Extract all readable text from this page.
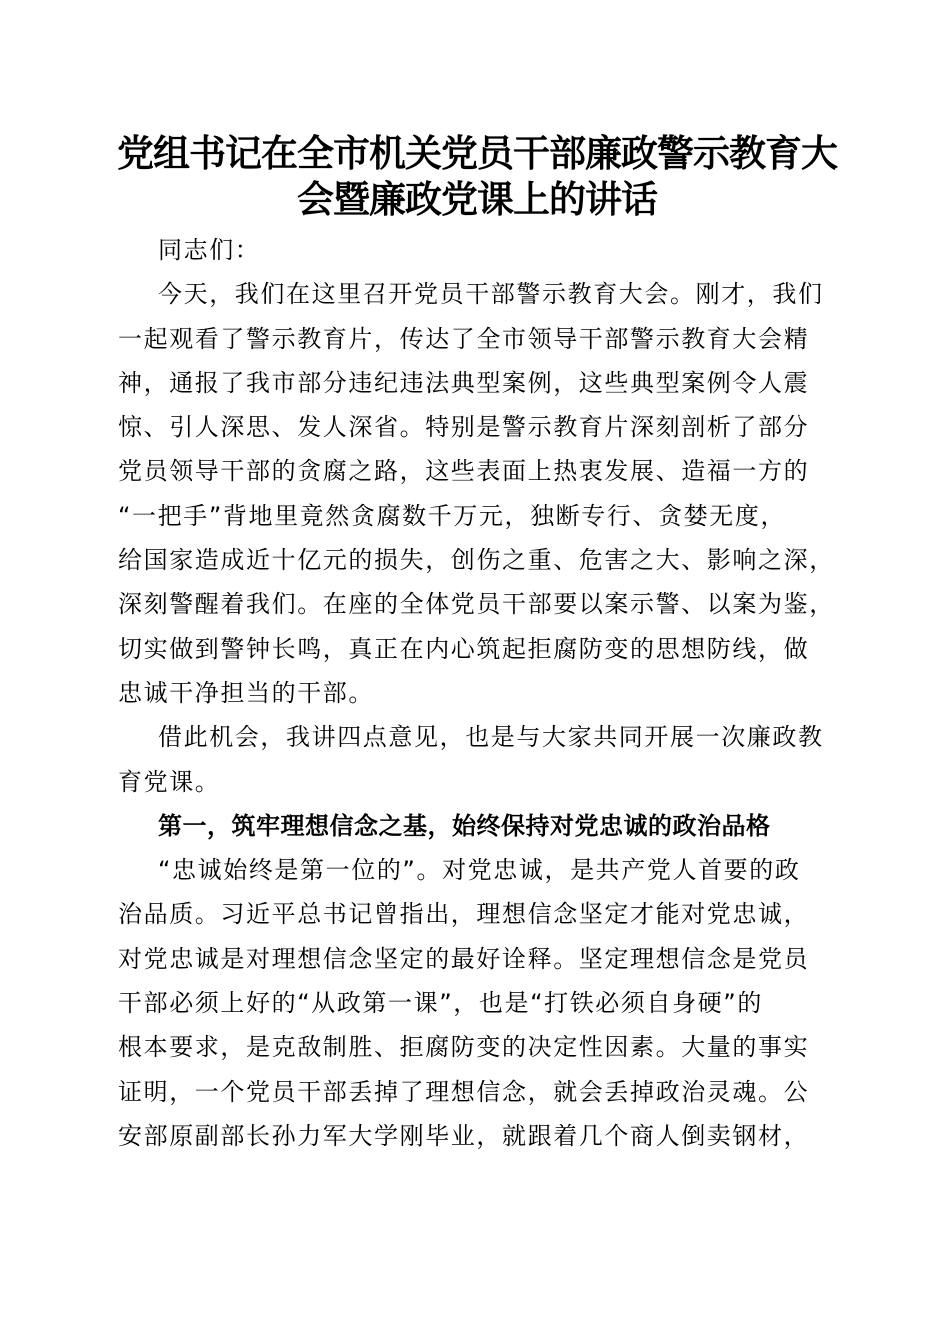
党组书记在全市机关党员干部廉政警示教育大
会暨廉政党课上的讲话
同志们：
今天，我们在这里召开党员干部警示教育大会。刚才，我们
一起观看了警示教育片，传达了全市领导干部警示教育大会精
神，通报了我市部分违纪违法典型案例，这些典型案例令人震
惊、引人深思、发人深省。特别是警示教育片深刻剖析了部分
党员领导干部的贪腐之路，这些表面上热衷发展、造福一方的
“一把手”背地里竟然贪腐数千万元，独断专行、贪婪无度，
给国家造成近十亿元的损失，创伤之重、危害之大、影响之深，
深刻警醒着我们。在座的全体党员干部要以案示警、以案为鉴，
切实做到警钟长鸣，真正在内心筑起拒腐防变的思想防线，做
忠诚干净担当的干部。
借此机会，我讲四点意见，也是与大家共同开展一次廉政教
育党课。
第一，筑牢理想信念之基，始终保持对党忠诚的政治品格
“忠诚始终是第一位的”。对党忠诚，是共产党人首要的政
治品质。习近平总书记曾指出，理想信念坚定才能对党忠诚，
对党忠诚是对理想信念坚定的最好诠释。坚定理想信念是党员
干部必须上好的“从政第一课”，也是“打铁必须自身硬”的
根本要求，是克敌制胜、拒腐防变的决定性因素。大量的事实
证明，一个党员干部丢掉了理想信念，就会丢掉政治灵魂。公
安部原副部长孙力军大学刚毕业，就跟着几个商人倒卖钢材，
